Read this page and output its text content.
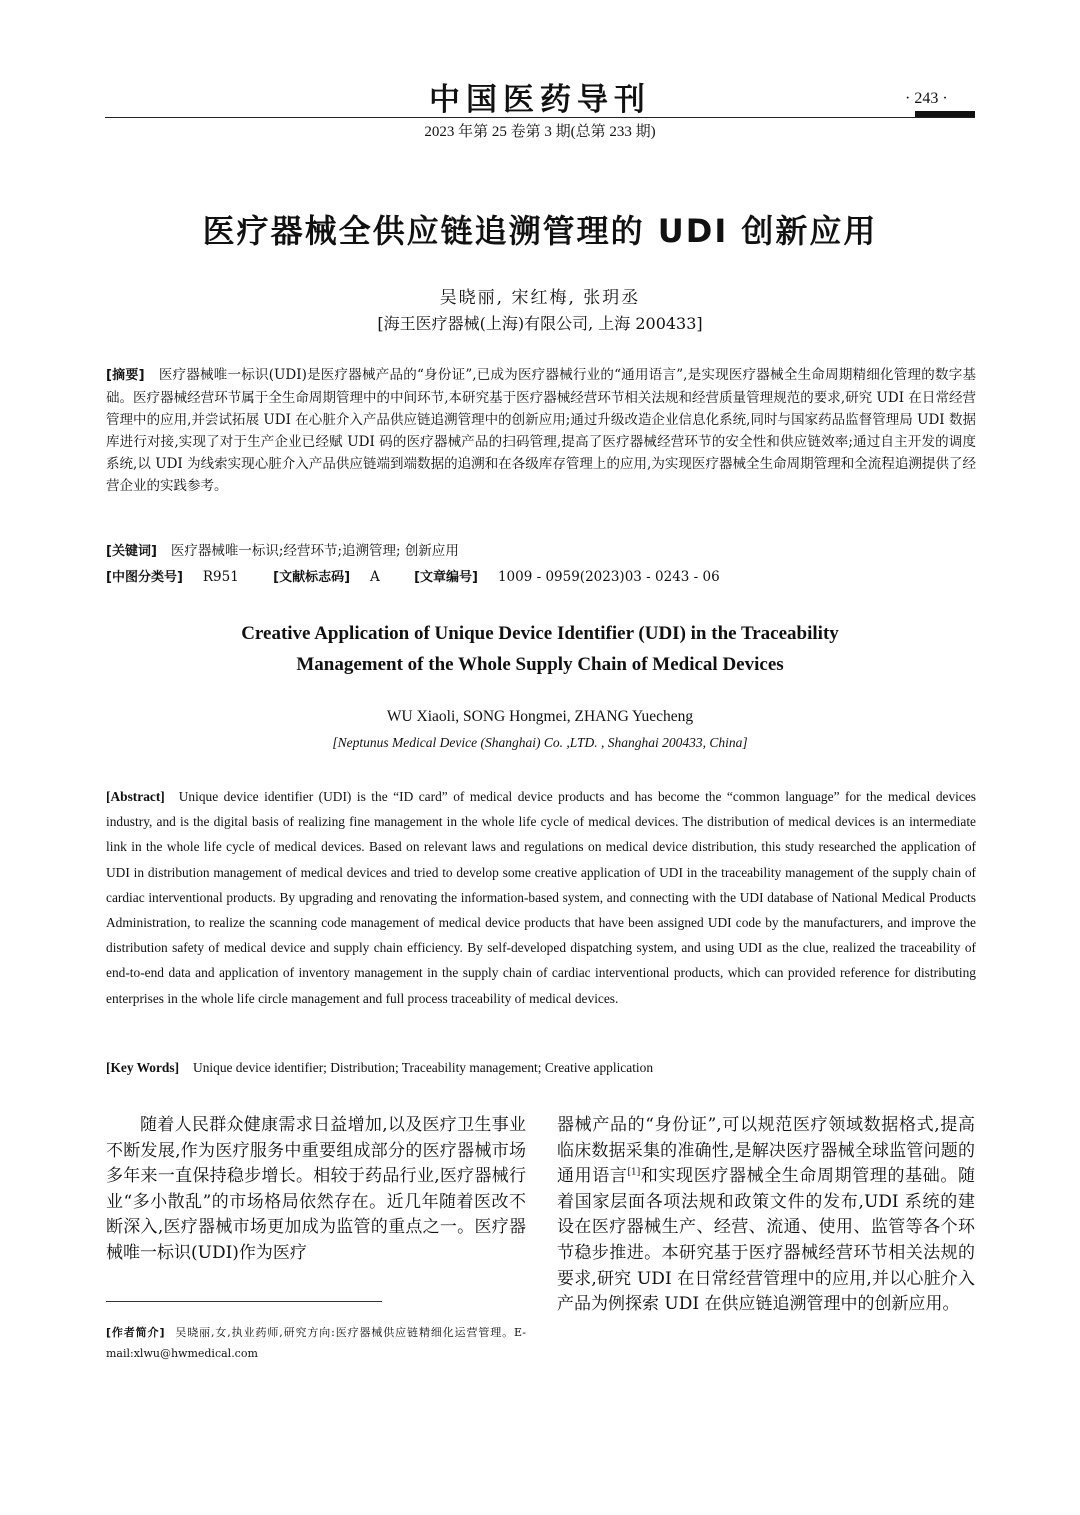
中国医药导刊	· 243 ·
2023 年第 25 卷第 3 期(总第 233 期)
医疗器械全供应链追溯管理的 UDI 创新应用
吴晓丽, 宋红梅, 张玥丞
[海王医疗器械(上海)有限公司, 上海 200433]
[摘要] 医疗器械唯一标识(UDI)是医疗器械产品的“身份证”,已成为医疗器械行业的“通用语言”,是实现医疗器械全生命周期精细化管理的数字基础。医疗器械经营环节属于全生命周期管理中的中间环节,本研究基于医疗器械经营环节相关法规和经营质量管理规范的要求,研究 UDI 在日常经营管理中的应用,并尝试拓展 UDI 在心脏介入产品供应链追溯管理中的创新应用;通过升级改造企业信息化系统,同时与国家药品监督管理局 UDI 数据库进行对接,实现了对于生产企业已经赋 UDI 码的医疗器械产品的扫码管理,提高了医疗器械经营环节的安全性和供应链效率;通过自主开发的调度系统,以 UDI 为线索实现心脏介入产品供应链端到端数据的追溯和在各级库存管理上的应用,为实现医疗器械全生命周期管理和全流程追溯提供了经营企业的实践参考。
[关键词] 医疗器械唯一标识;经营环节;追溯管理; 创新应用
[中图分类号] R951	[文献标志码] A	[文章编号] 1009 - 0959(2023)03 - 0243 - 06
Creative Application of Unique Device Identifier (UDI) in the Traceability
Management of the Whole Supply Chain of Medical Devices
WU Xiaoli, SONG Hongmei, ZHANG Yuecheng
[Neptunus Medical Device (Shanghai) Co. ,LTD. , Shanghai 200433, China]
[Abstract] Unique device identifier (UDI) is the “ID card” of medical device products and has become the “common language” for the medical devices industry, and is the digital basis of realizing fine management in the whole life cycle of medical devices. The distribution of medical devices is an intermediate link in the whole life cycle of medical devices. Based on relevant laws and regulations on medical device distribution, this study researched the application of UDI in distribution management of medical devices and tried to develop some creative application of UDI in the traceability management of the supply chain of cardiac interventional products. By upgrading and renovating the information-based system, and connecting with the UDI database of National Medical Products Administration, to realize the scanning code management of medical device products that have been assigned UDI code by the manufacturers, and improve the distribution safety of medical device and supply chain efficiency. By self-developed dispatching system, and using UDI as the clue, realized the traceability of end-to-end data and application of inventory management in the supply chain of cardiac interventional products, which can provided reference for distributing enterprises in the whole life circle management and full process traceability of medical devices.
[Key Words] Unique device identifier; Distribution; Traceability management; Creative application
随着人民群众健康需求日益增加,以及医疗卫生事业不断发展,作为医疗服务中重要组成部分的医疗器械市场多年来一直保持稳步增长。相较于药品行业,医疗器械行业“多小散乱”的市场格局依然存在。近几年随着医改不断深入,医疗器械市场更加成为监管的重点之一。医疗器械唯一标识(UDI)作为医疗
器械产品的“身份证”,可以规范医疗领域数据格式,提高临床数据采集的准确性,是解决医疗器械全球监管问题的通用语言[1]和实现医疗器械全生命周期管理的基础。随着国家层面各项法规和政策文件的发布,UDI 系统的建设在医疗器械生产、经营、流通、使用、监管等各个环节稳步推进。本研究基于医疗器械经营环节相关法规的要求,研究 UDI 在日常经营管理中的应用,并以心脏介入产品为例探索 UDI 在供应链追溯管理中的创新应用。
[作者简介] 吴晓丽,女,执业药师,研究方向:医疗器械供应链精细化运营管理。E-mail:xlwu@hwmedical.com
